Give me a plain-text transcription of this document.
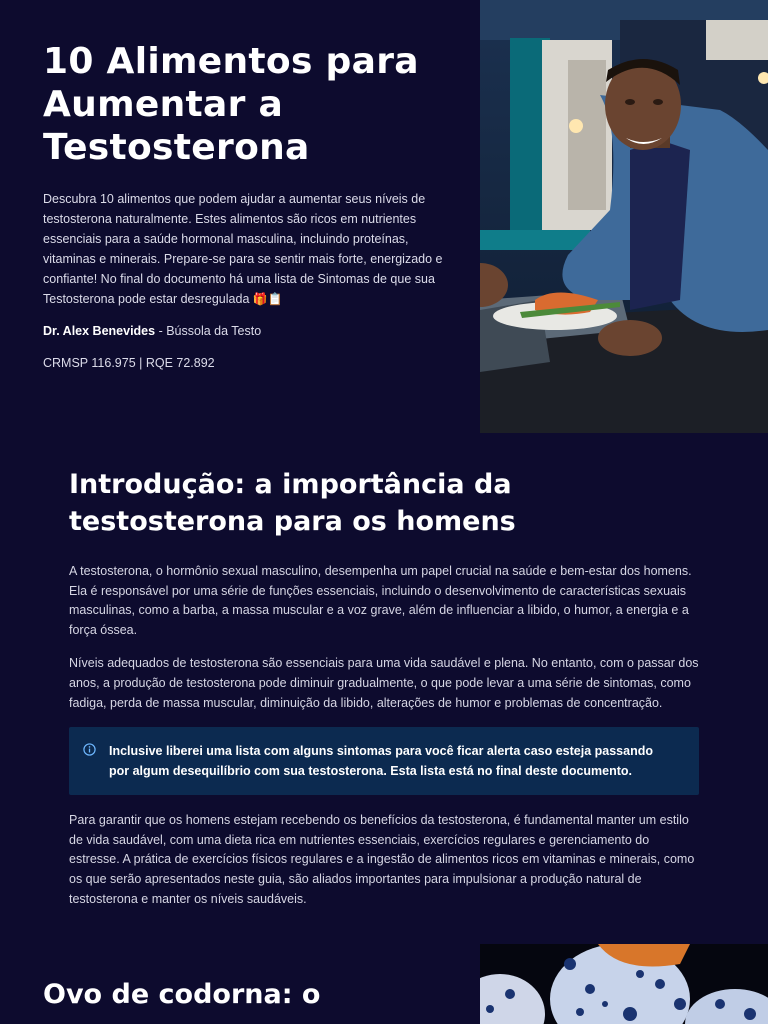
10 Alimentos para Aumentar a Testosterona

Descubra 10 alimentos que podem ajudar a aumentar seus níveis de testosterona naturalmente. Estes alimentos são ricos em nutrientes essenciais para a saúde hormonal masculina, incluindo proteínas, vitaminas e minerais. Prepare-se para se sentir mais forte, energizado e confiante! No final do documento há uma lista de Sintomas de que sua Testosterona pode estar desregulada 🎁📋

Dr. Alex Benevides - Bússola da Testo

CRMSP 116.975 | RQE 72.892

Introdução: a importância da testosterona para os homens

A testosterona, o hormônio sexual masculino, desempenha um papel crucial na saúde e bem-estar dos homens. Ela é responsável por uma série de funções essenciais, incluindo o desenvolvimento de características sexuais masculinas, como a barba, a massa muscular e a voz grave, além de influenciar a libido, o humor, a energia e a força óssea.

Níveis adequados de testosterona são essenciais para uma vida saudável e plena. No entanto, com o passar dos anos, a produção de testosterona pode diminuir gradualmente, o que pode levar a uma série de sintomas, como fadiga, perda de massa muscular, diminuição da libido, alterações de humor e problemas de concentração.

Inclusive liberei uma lista com alguns sintomas para você ficar alerta caso esteja passando por algum desequilíbrio com sua testosterona. Esta lista está no final deste documento.

Para garantir que os homens estejam recebendo os benefícios da testosterona, é fundamental manter um estilo de vida saudável, com uma dieta rica em nutrientes essenciais, exercícios regulares e gerenciamento do estresse. A prática de exercícios físicos regulares e a ingestão de alimentos ricos em vitaminas e minerais, como os que serão apresentados neste guia, são aliados importantes para impulsionar a produção natural de testosterona e manter os níveis saudáveis.

Ovo de codorna: o
